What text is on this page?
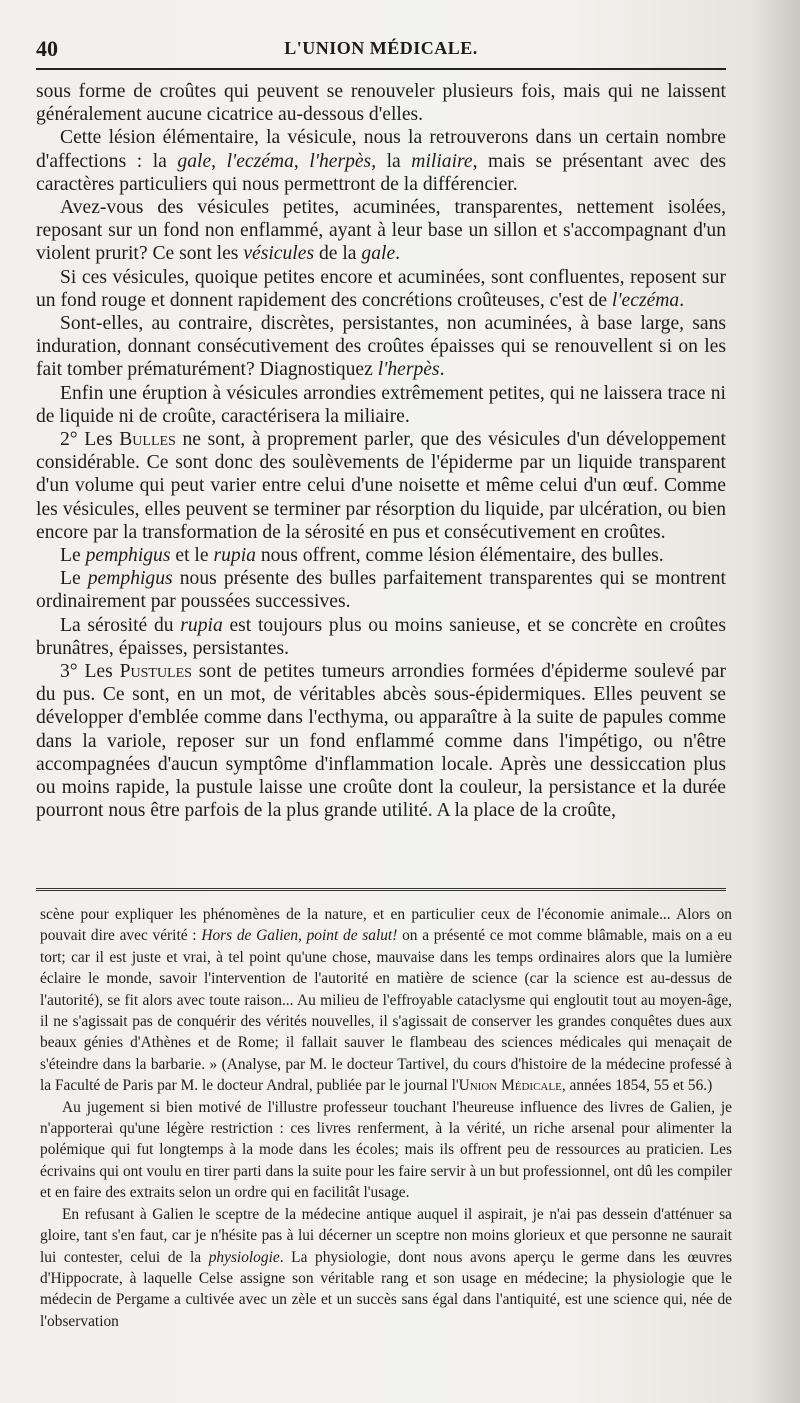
40	L'UNION MÉDICALE.

sous forme de croûtes qui peuvent se renouveler plusieurs fois, mais qui ne laissent généralement aucune cicatrice au-dessous d'elles.

Cette lésion élémentaire, la vésicule, nous la retrouverons dans un certain nombre d'affections : la gale, l'eczéma, l'herpès, la miliaire, mais se présentant avec des caractères particuliers qui nous permettront de la différencier.

Avez-vous des vésicules petites, acuminées, transparentes, nettement isolées, reposant sur un fond non enflammé, ayant à leur base un sillon et s'accompagnant d'un violent prurit? Ce sont les vésicules de la gale.

Si ces vésicules, quoique petites encore et acuminées, sont confluentes, reposent sur un fond rouge et donnent rapidement des concrétions croûteuses, c'est de l'eczéma.

Sont-elles, au contraire, discrètes, persistantes, non acuminées, à base large, sans induration, donnant consécutivement des croûtes épaisses qui se renouvellent si on les fait tomber prématurément? Diagnostiquez l'herpès.

Enfin une éruption à vésicules arrondies extrêmement petites, qui ne laissera trace ni de liquide ni de croûte, caractérisera la miliaire.

2° Les Bulles ne sont, à proprement parler, que des vésicules d'un développement considérable. Ce sont donc des soulèvements de l'épiderme par un liquide transparent d'un volume qui peut varier entre celui d'une noisette et même celui d'un œuf. Comme les vésicules, elles peuvent se terminer par résorption du liquide, par ulcération, ou bien encore par la transformation de la sérosité en pus et consécutivement en croûtes.

Le pemphigus et le rupia nous offrent, comme lésion élémentaire, des bulles.

Le pemphigus nous présente des bulles parfaitement transparentes qui se montrent ordinairement par poussées successives.

La sérosité du rupia est toujours plus ou moins sanieuse, et se concrète en croûtes brunâtres, épaisses, persistantes.

3° Les Pustules sont de petites tumeurs arrondies formées d'épiderme soulevé par du pus. Ce sont, en un mot, de véritables abcès sous-épidermiques. Elles peuvent se développer d'emblée comme dans l'ecthyma, ou apparaître à la suite de papules comme dans la variole, reposer sur un fond enflammé comme dans l'impétigo, ou n'être accompagnées d'aucun symptôme d'inflammation locale. Après une dessiccation plus ou moins rapide, la pustule laisse une croûte dont la couleur, la persistance et la durée pourront nous être parfois de la plus grande utilité. A la place de la croûte,

scène pour expliquer les phénomènes de la nature, et en particulier ceux de l'économie animale... Alors on pouvait dire avec vérité : Hors de Galien, point de salut! on a présenté ce mot comme blâmable, mais on a eu tort; car il est juste et vrai, à tel point qu'une chose, mauvaise dans les temps ordinaires alors que la lumière éclaire le monde, savoir l'intervention de l'autorité en matière de science (car la science est au-dessus de l'autorité), se fit alors avec toute raison... Au milieu de l'effroyable cataclysme qui engloutit tout au moyen-âge, il ne s'agissait pas de conquérir des vérités nouvelles, il s'agissait de conserver les grandes conquêtes dues aux beaux génies d'Athènes et de Rome; il fallait sauver le flambeau des sciences médicales qui menaçait de s'éteindre dans la barbarie. » (Analyse, par M. le docteur Tartivel, du cours d'histoire de la médecine professé à la Faculté de Paris par M. le docteur Andral, publiée par le journal l'Union Médicale, années 1854, 55 et 56.)

Au jugement si bien motivé de l'illustre professeur touchant l'heureuse influence des livres de Galien, je n'apporterai qu'une légère restriction : ces livres renferment, à la vérité, un riche arsenal pour alimenter la polémique qui fut longtemps à la mode dans les écoles; mais ils offrent peu de ressources au praticien. Les écrivains qui ont voulu en tirer parti dans la suite pour les faire servir à un but professionnel, ont dû les compiler et en faire des extraits selon un ordre qui en facilitât l'usage.

En refusant à Galien le sceptre de la médecine antique auquel il aspirait, je n'ai pas dessein d'atténuer sa gloire, tant s'en faut, car je n'hésite pas à lui décerner un sceptre non moins glorieux et que personne ne saurait lui contester, celui de la physiologie. La physiologie, dont nous avons aperçu le germe dans les œuvres d'Hippocrate, à laquelle Celse assigne son véritable rang et son usage en médecine; la physiologie que le médecin de Pergame a cultivée avec un zèle et un succès sans égal dans l'antiquité, est une science qui, née de l'observation
